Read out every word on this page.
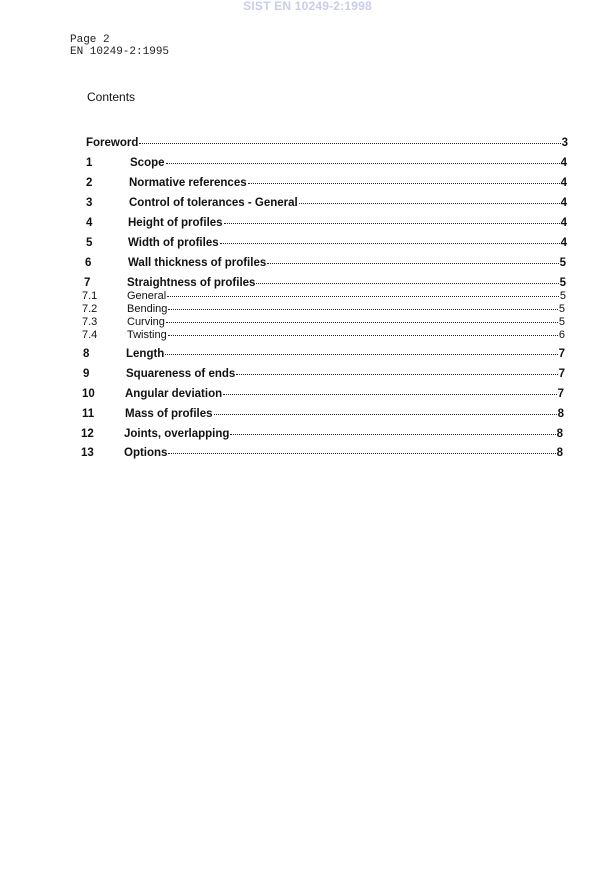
SIST EN 10249-2:1998
Page 2
EN 10249-2:1995
Contents
Foreword	3
1	Scope	4
2	Normative references	4
3	Control of tolerances - General	4
4	Height of profiles	4
5	Width of profiles	4
6	Wall thickness of profiles	5
7	Straightness of profiles	5
7.1	General	5
7.2	Bending	5
7.3	Curving	5
7.4	Twisting	6
8	Length	7
9	Squareness of ends	7
10	Angular deviation	7
11	Mass of profiles	8
12	Joints, overlapping	8
13	Options	8
